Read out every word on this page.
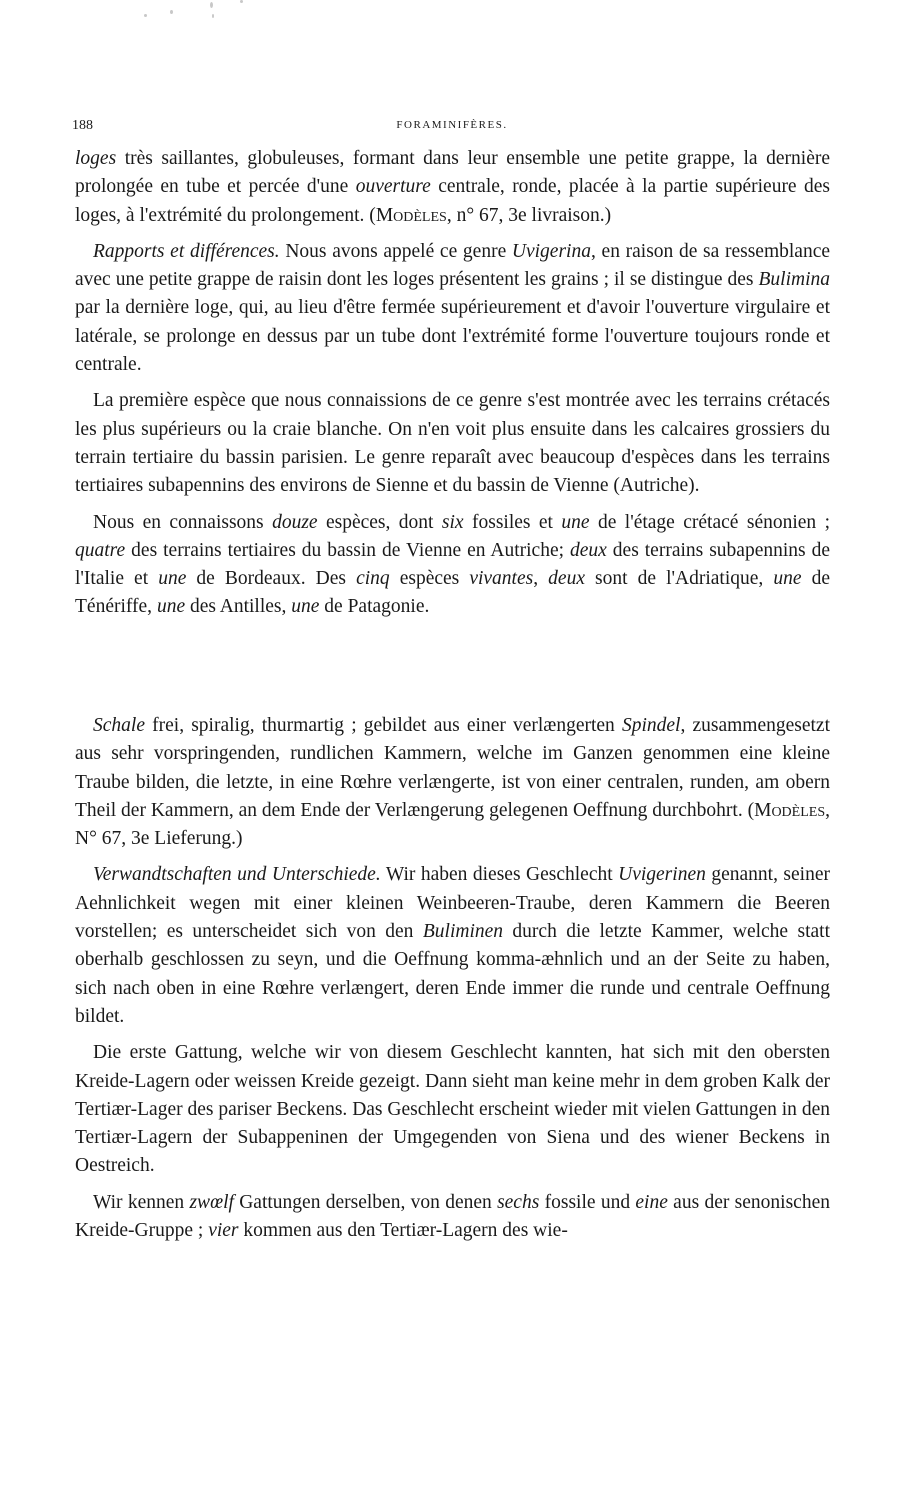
188	FORAMINIFÈRES.

loges très saillantes, globuleuses, formant dans leur ensemble une petite grappe, la dernière prolongée en tube et percée d'une ouverture centrale, ronde, placée à la partie supérieure des loges, à l'extrémité du prolongement. (Modèles, n° 67, 3e livraison.)

Rapports et différences. Nous avons appelé ce genre Uvigerina, en raison de sa ressemblance avec une petite grappe de raisin dont les loges présentent les grains ; il se distingue des Bulimina par la dernière loge, qui, au lieu d'être fermée supérieurement et d'avoir l'ouverture virgulaire et latérale, se prolonge en dessus par un tube dont l'extrémité forme l'ouverture toujours ronde et centrale.

La première espèce que nous connaissions de ce genre s'est montrée avec les terrains crétacés les plus supérieurs ou la craie blanche. On n'en voit plus ensuite dans les calcaires grossiers du terrain tertiaire du bassin parisien. Le genre reparaît avec beaucoup d'espèces dans les terrains tertiaires subapennins des environs de Sienne et du bassin de Vienne (Autriche).

Nous en connaissons douze espèces, dont six fossiles et une de l'étage crétacé sénonien ; quatre des terrains tertiaires du bassin de Vienne en Autriche; deux des terrains subapennins de l'Italie et une de Bordeaux. Des cinq espèces vivantes, deux sont de l'Adriatique, une de Ténériffe, une des Antilles, une de Patagonie.

Schale frei, spiralig, thurmartig ; gebildet aus einer verlængerten Spindel, zusammengesetzt aus sehr vorspringenden, rundlichen Kammern, welche im Ganzen genommen eine kleine Traube bilden, die letzte, in eine Rœhre verlængerte, ist von einer centralen, runden, am obern Theil der Kammern, an dem Ende der Verlængerung gelegenen Oeffnung durchbohrt. (Modèles, N° 67, 3e Lieferung.)

Verwandtschaften und Unterschiede. Wir haben dieses Geschlecht Uvigerinen genannt, seiner Aehnlichkeit wegen mit einer kleinen Weinbeeren-Traube, deren Kammern die Beeren vorstellen; es unterscheidet sich von den Buliminen durch die letzte Kammer, welche statt oberhalb geschlossen zu seyn, und die Oeffnung komma-æhnlich und an der Seite zu haben, sich nach oben in eine Rœhre verlængert, deren Ende immer die runde und centrale Oeffnung bildet.

Die erste Gattung, welche wir von diesem Geschlecht kannten, hat sich mit den obersten Kreide-Lagern oder weissen Kreide gezeigt. Dann sieht man keine mehr in dem groben Kalk der Tertiær-Lager des pariser Beckens. Das Geschlecht erscheint wieder mit vielen Gattungen in den Tertiær-Lagern der Subappeninen der Umgegenden von Siena und des wiener Beckens in Oestreich.

Wir kennen zwœlf Gattungen derselben, von denen sechs fossile und eine aus der senonischen Kreide-Gruppe ; vier kommen aus den Tertiær-Lagern des wie-
